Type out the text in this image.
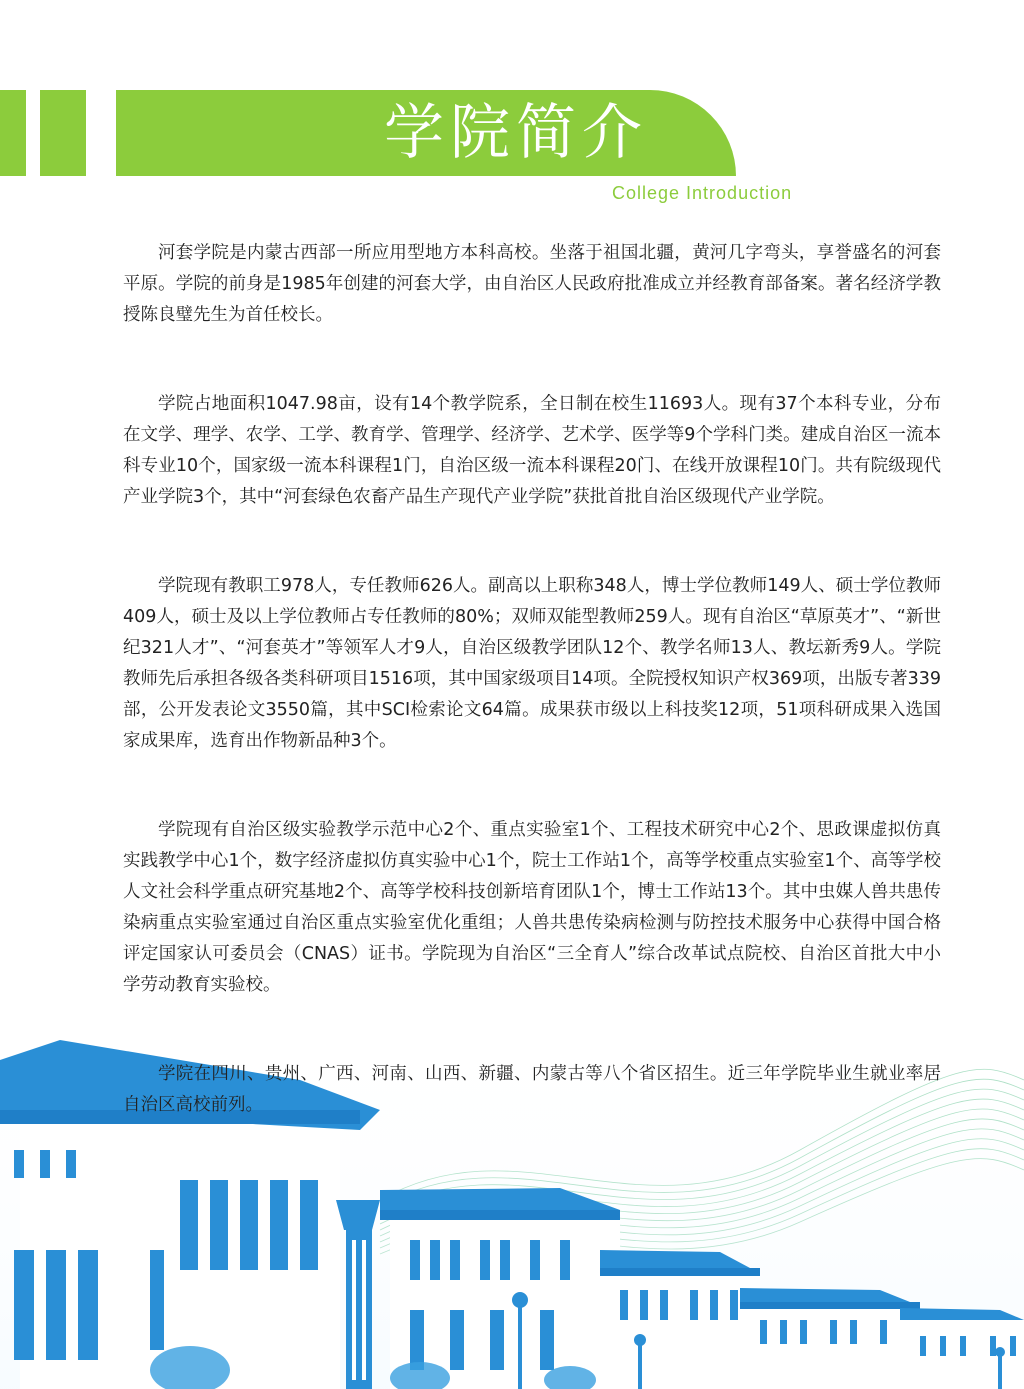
学院简介
College Introduction

河套学院是内蒙古西部一所应用型地方本科高校。坐落于祖国北疆，黄河几字弯头，享誉盛名的河套平原。学院的前身是1985年创建的河套大学，由自治区人民政府批准成立并经教育部备案。著名经济学教授陈良璧先生为首任校长。

学院占地面积1047.98亩，设有14个教学院系，全日制在校生11693人。现有37个本科专业，分布在文学、理学、农学、工学、教育学、管理学、经济学、艺术学、医学等9个学科门类。建成自治区一流本科专业10个，国家级一流本科课程1门，自治区级一流本科课程20门、在线开放课程10门。共有院级现代产业学院3个，其中“河套绿色农畜产品生产现代产业学院”获批首批自治区级现代产业学院。

学院现有教职工978人，专任教师626人。副高以上职称348人，博士学位教师149人、硕士学位教师409人，硕士及以上学位教师占专任教师的80%；双师双能型教师259人。现有自治区“草原英才”、“新世纪321人才”、“河套英才”等领军人才9人，自治区级教学团队12个、教学名师13人、教坛新秀9人。学院教师先后承担各级各类科研项目1516项，其中国家级项目14项。全院授权知识产权369项，出版专著339部，公开发表论文3550篇，其中SCI检索论文64篇。成果获市级以上科技奖12项，51项科研成果入选国家成果库，选育出作物新品种3个。

学院现有自治区级实验教学示范中心2个、重点实验室1个、工程技术研究中心2个、思政课虚拟仿真实践教学中心1个，数字经济虚拟仿真实验中心1个，院士工作站1个，高等学校重点实验室1个、高等学校人文社会科学重点研究基地2个、高等学校科技创新培育团队1个，博士工作站13个。其中虫媒人兽共患传染病重点实验室通过自治区重点实验室优化重组；人兽共患传染病检测与防控技术服务中心获得中国合格评定国家认可委员会（CNAS）证书。学院现为自治区“三全育人”综合改革试点院校、自治区首批大中小学劳动教育实验校。

学院在四川、贵州、广西、河南、山西、新疆、内蒙古等八个省区招生。近三年学院毕业生就业率居自治区高校前列。
